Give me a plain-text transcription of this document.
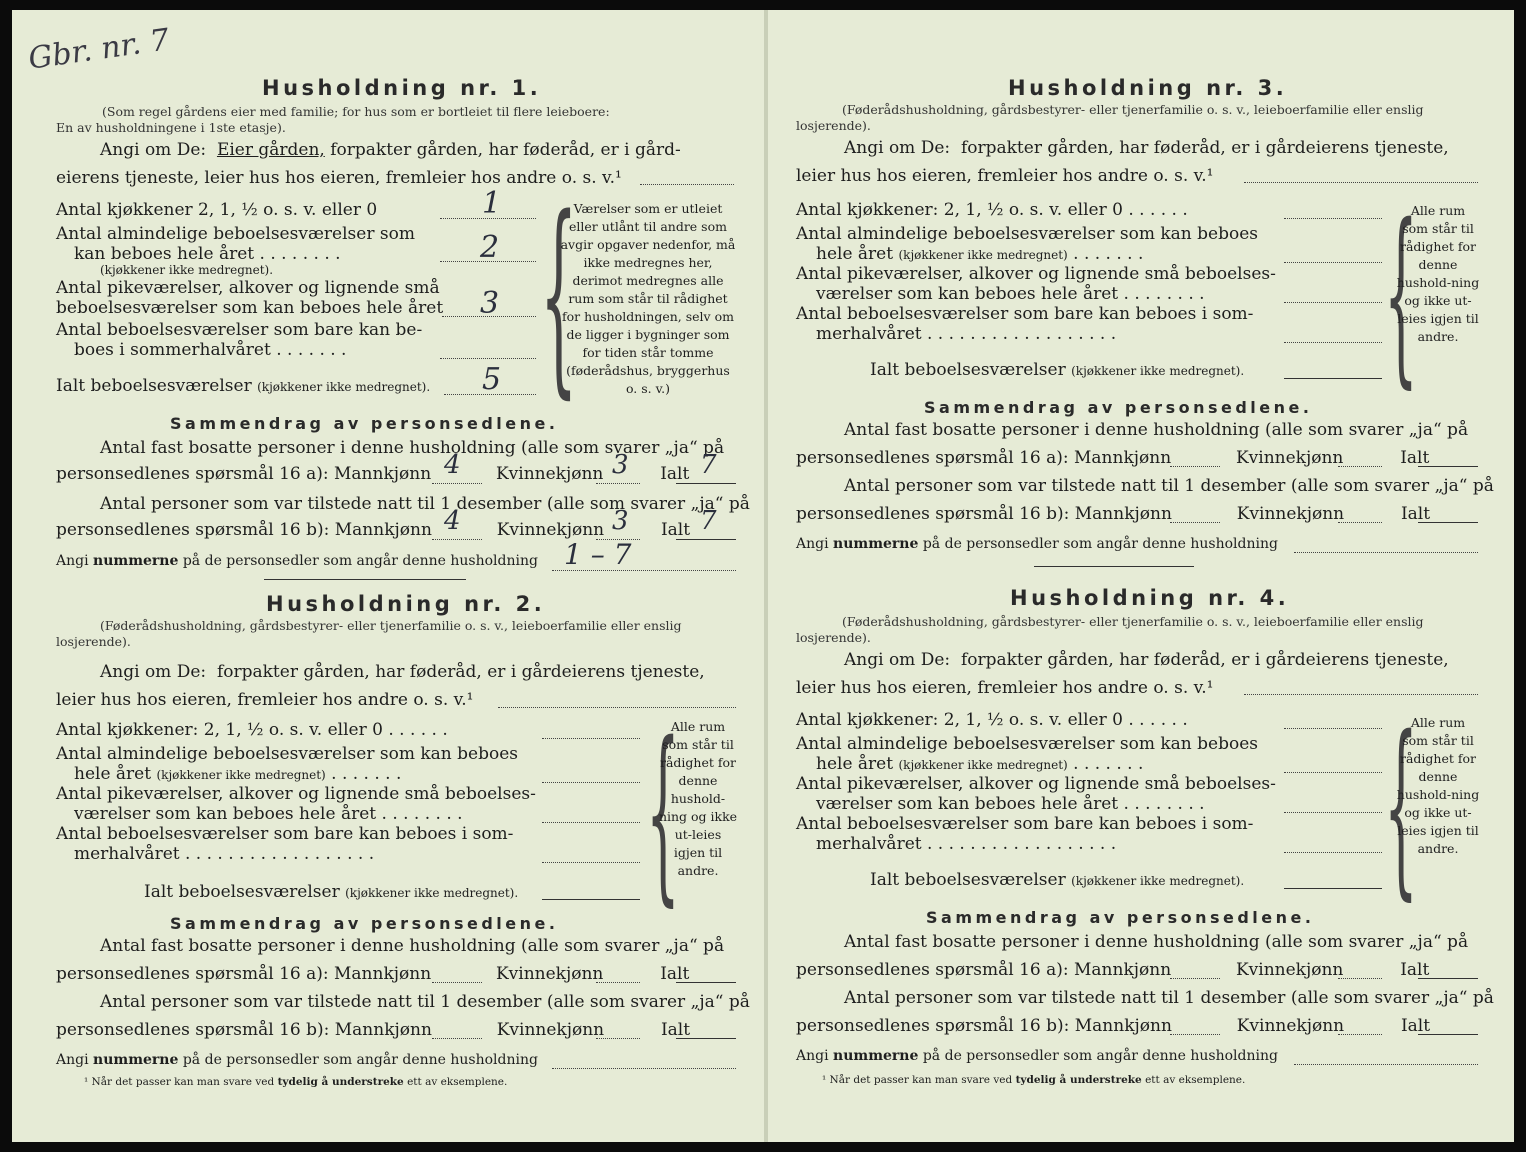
Gbr. nr. 7
Husholdning nr. 1.
(Som regel gårdens eier med familie; for hus som er bortleiet til flere leieboere:
En av husholdningene i 1ste etasje).
Angi om De: Eier gården, forpakter gården, har føderåd, er i gård-
eierens tjeneste, leier hus hos eieren, fremleier hos andre o. s. v.¹
Antal kjøkkener 2, 1, ½ o. s. v. eller 0	1
Antal almindelige beboelsesværelser som
kan beboes hele året . . . . . . . .	2
(kjøkkener ikke medregnet).
Antal pikeværelser, alkover og lignende små
beboelsesværelser som kan beboes hele året 3
Antal beboelsesværelser som bare kan be-
boes i sommerhalvåret . . . . . . .
Ialt beboelsesværelser (kjøkkener ikke medregnet). 5 {
Værelser som er utleiet eller utlånt til andre som avgir opgaver nedenfor, må ikke medregnes her, derimot medregnes alle rum som står til rådighet for husholdningen, selv om de ligger i bygninger som for tiden står tomme (føderådshus, bryggerhus o. s. v.)
Sammendrag av personsedlene.
Antal fast bosatte personer i denne husholdning (alle som svarer „ja“ på
personsedlenes spørsmål 16 a): Mannkjønn	Kvinnekjønn	Ialt
4	3	7
Antal personer som var tilstede natt til 1 desember (alle som svarer „ja“ på
personsedlenes spørsmål 16 b): Mannkjønn	Kvinnekjønn	Ialt
4	3	7
Angi nummerne på de personsedler som angår denne husholdning 1 – 7
Husholdning nr. 2.
(Føderådshusholdning, gårdsbestyrer- eller tjenerfamilie o. s. v., leieboerfamilie eller enslig losjerende).
Angi om De: forpakter gården, har føderåd, er i gårdeierens tjeneste,
leier hus hos eieren, fremleier hos andre o. s. v.¹
Antal kjøkkener: 2, 1, ½ o. s. v. eller 0 . . . . . .
Antal almindelige beboelsesværelser som kan beboes
hele året (kjøkkener ikke medregnet) . . . . . . .
Antal pikeværelser, alkover og lignende små beboelses-
værelser som kan beboes hele året . . . . . . . .
Antal beboelsesværelser som bare kan beboes i som-
merhalvåret . . . . . . . . . . . . . . . . . .
Ialt beboelsesværelser (kjøkkener ikke medregnet). {
Alle rum som står til rådighet for denne hushold-ning og ikke ut-leies igjen til andre.
Sammendrag av personsedlene.
Antal fast bosatte personer i denne husholdning (alle som svarer „ja“ på
personsedlenes spørsmål 16 a): Mannkjønn	Kvinnekjønn	Ialt
Antal personer som var tilstede natt til 1 desember (alle som svarer „ja“ på
personsedlenes spørsmål 16 b): Mannkjønn	Kvinnekjønn	Ialt
Angi nummerne på de personsedler som angår denne husholdning
¹ Når det passer kan man svare ved tydelig å understreke ett av eksemplene.
Husholdning nr. 3.
(Føderådshusholdning, gårdsbestyrer- eller tjenerfamilie o. s. v., leieboerfamilie eller enslig losjerende).
Angi om De: forpakter gården, har føderåd, er i gårdeierens tjeneste,
leier hus hos eieren, fremleier hos andre o. s. v.¹
Antal kjøkkener: 2, 1, ½ o. s. v. eller 0 . . . . . .
Antal almindelige beboelsesværelser som kan beboes
hele året (kjøkkener ikke medregnet) . . . . . . .
Antal pikeværelser, alkover og lignende små beboelses-
værelser som kan beboes hele året . . . . . . . .
Antal beboelsesværelser som bare kan beboes i som-
merhalvåret . . . . . . . . . . . . . . . . . .
Ialt beboelsesværelser (kjøkkener ikke medregnet). {
Alle rum som står til rådighet for denne hushold-ning og ikke ut-leies igjen til andre.
Sammendrag av personsedlene.
Antal fast bosatte personer i denne husholdning (alle som svarer „ja“ på
personsedlenes spørsmål 16 a): Mannkjønn	Kvinnekjønn	Ialt
Antal personer som var tilstede natt til 1 desember (alle som svarer „ja“ på
personsedlenes spørsmål 16 b): Mannkjønn	Kvinnekjønn	Ialt
Angi nummerne på de personsedler som angår denne husholdning
Husholdning nr. 4.
(Føderådshusholdning, gårdsbestyrer- eller tjenerfamilie o. s. v., leieboerfamilie eller enslig losjerende).
Angi om De: forpakter gården, har føderåd, er i gårdeierens tjeneste,
leier hus hos eieren, fremleier hos andre o. s. v.¹
Antal kjøkkener: 2, 1, ½ o. s. v. eller 0 . . . . . .
Antal almindelige beboelsesværelser som kan beboes
hele året (kjøkkener ikke medregnet) . . . . . . .
Antal pikeværelser, alkover og lignende små beboelses-
værelser som kan beboes hele året . . . . . . . .
Antal beboelsesværelser som bare kan beboes i som-
merhalvåret . . . . . . . . . . . . . . . . . .
Ialt beboelsesværelser (kjøkkener ikke medregnet). {
Alle rum som står til rådighet for denne hushold-ning og ikke ut-leies igjen til andre.
Sammendrag av personsedlene.
Antal fast bosatte personer i denne husholdning (alle som svarer „ja“ på
personsedlenes spørsmål 16 a): Mannkjønn	Kvinnekjønn	Ialt
Antal personer som var tilstede natt til 1 desember (alle som svarer „ja“ på
personsedlenes spørsmål 16 b): Mannkjønn	Kvinnekjønn	Ialt
Angi nummerne på de personsedler som angår denne husholdning
¹ Når det passer kan man svare ved tydelig å understreke ett av eksemplene.
